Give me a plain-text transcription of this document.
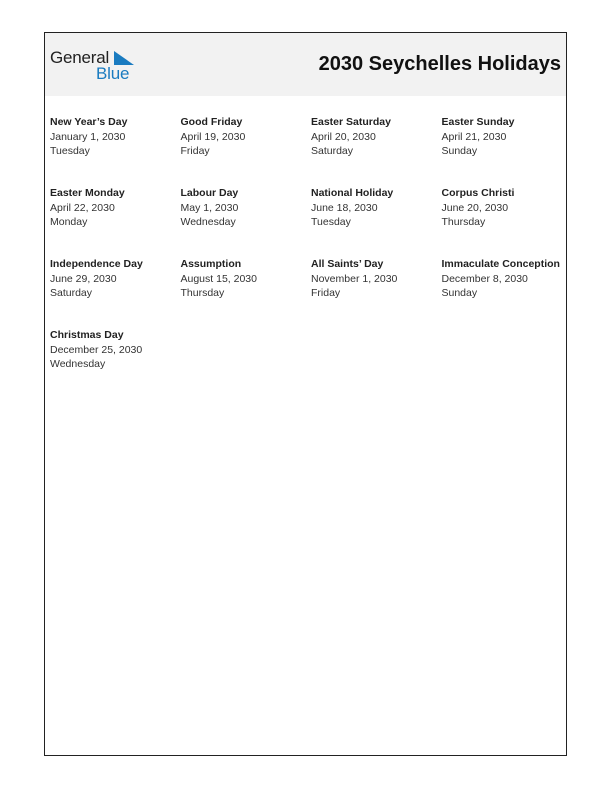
General
Blue	2030 Seychelles Holidays
New Year’s Day
January 1, 2030
Tuesday
Good Friday
April 19, 2030
Friday
Easter Saturday
April 20, 2030
Saturday
Easter Sunday
April 21, 2030
Sunday
Easter Monday
April 22, 2030
Monday
Labour Day
May 1, 2030
Wednesday
National Holiday
June 18, 2030
Tuesday
Corpus Christi
June 20, 2030
Thursday
Independence Day
June 29, 2030
Saturday
Assumption
August 15, 2030
Thursday
All Saints’ Day
November 1, 2030
Friday
Immaculate Conception
December 8, 2030
Sunday
Christmas Day
December 25, 2030
Wednesday
